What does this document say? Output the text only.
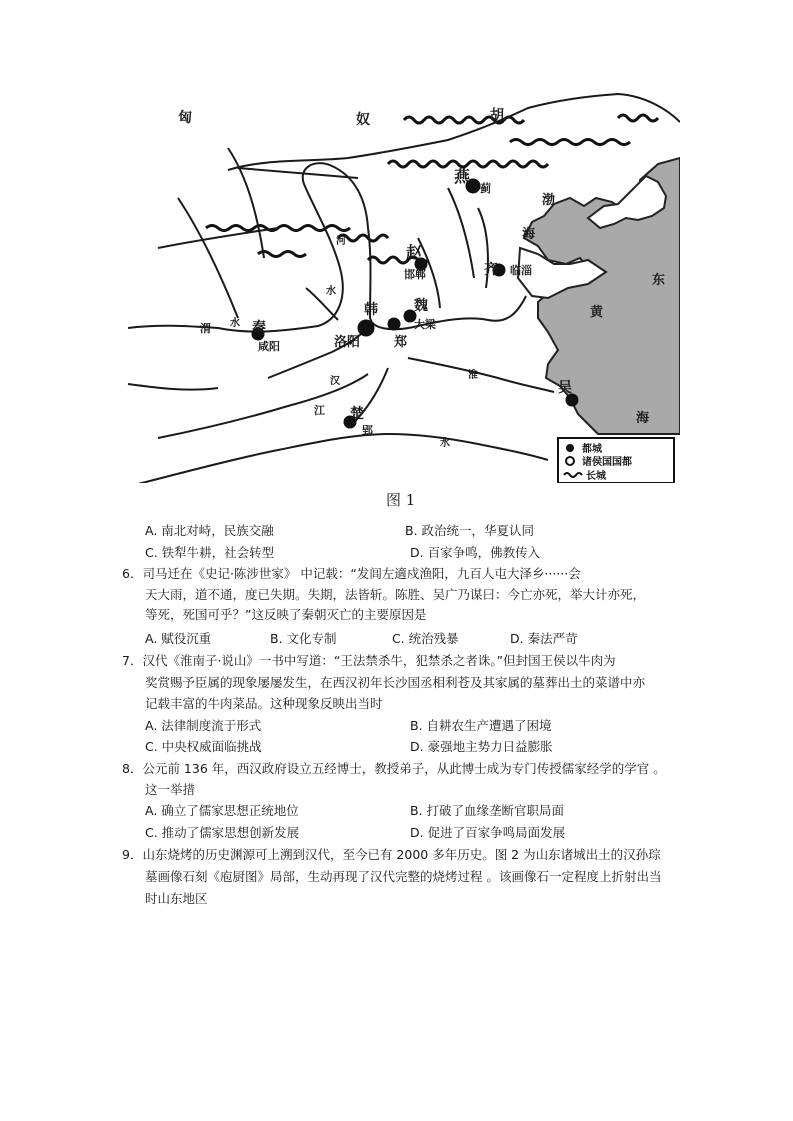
匈	奴	胡
燕
蓟
赵
邯郸	临淄
齐
魏
大梁
韩
洛阳	郑
秦
咸阳
楚
郢
吴
渤
海
黄
东
海
河
水
渭 水
江
水
淮
汉
都城
诸侯国国都
长城
图 1
A. 南北对峙，民族交融	B. 政治统一，华夏认同
C. 铁犁牛耕，社会转型	D. 百家争鸣，佛教传入
6．司马迁在《史记·陈涉世家》 中记载：“发闾左適戍渔阳，九百人屯大泽乡······会
天大雨，道不通，度已失期。失期，法皆斩。陈胜、吴广乃谋曰：今亡亦死，举大计亦死，
等死，死国可乎？”这反映了秦朝灭亡的主要原因是
A. 赋役沉重	B. 文化专制	C. 统治残暴	D. 秦法严苛
7．汉代《淮南子·说山》一书中写道：“王法禁杀牛，犯禁杀之者诛。”但封国王侯以牛肉为
奖赏赐予臣属的现象屡屡发生，在西汉初年长沙国丞相利苍及其家属的墓葬出土的菜谱中亦
记载丰富的牛肉菜品。这种现象反映出当时
A. 法律制度流于形式	B. 自耕农生产遭遇了困境
C. 中央权威面临挑战	D. 豪强地主势力日益膨胀
8．公元前 136 年，西汉政府设立五经博士，教授弟子，从此博士成为专门传授儒家经学的学官 。
这一举措
A. 确立了儒家思想正统地位	B. 打破了血缘垄断官职局面
C. 推动了儒家思想创新发展	D. 促进了百家争鸣局面发展
9．山东烧烤的历史渊源可上溯到汉代，至今已有 2000 多年历史。图 2 为山东诸城出土的汉孙琮
墓画像石刻《庖厨图》局部，生动再现了汉代完整的烧烤过程 。该画像石一定程度上折射出当
时山东地区
